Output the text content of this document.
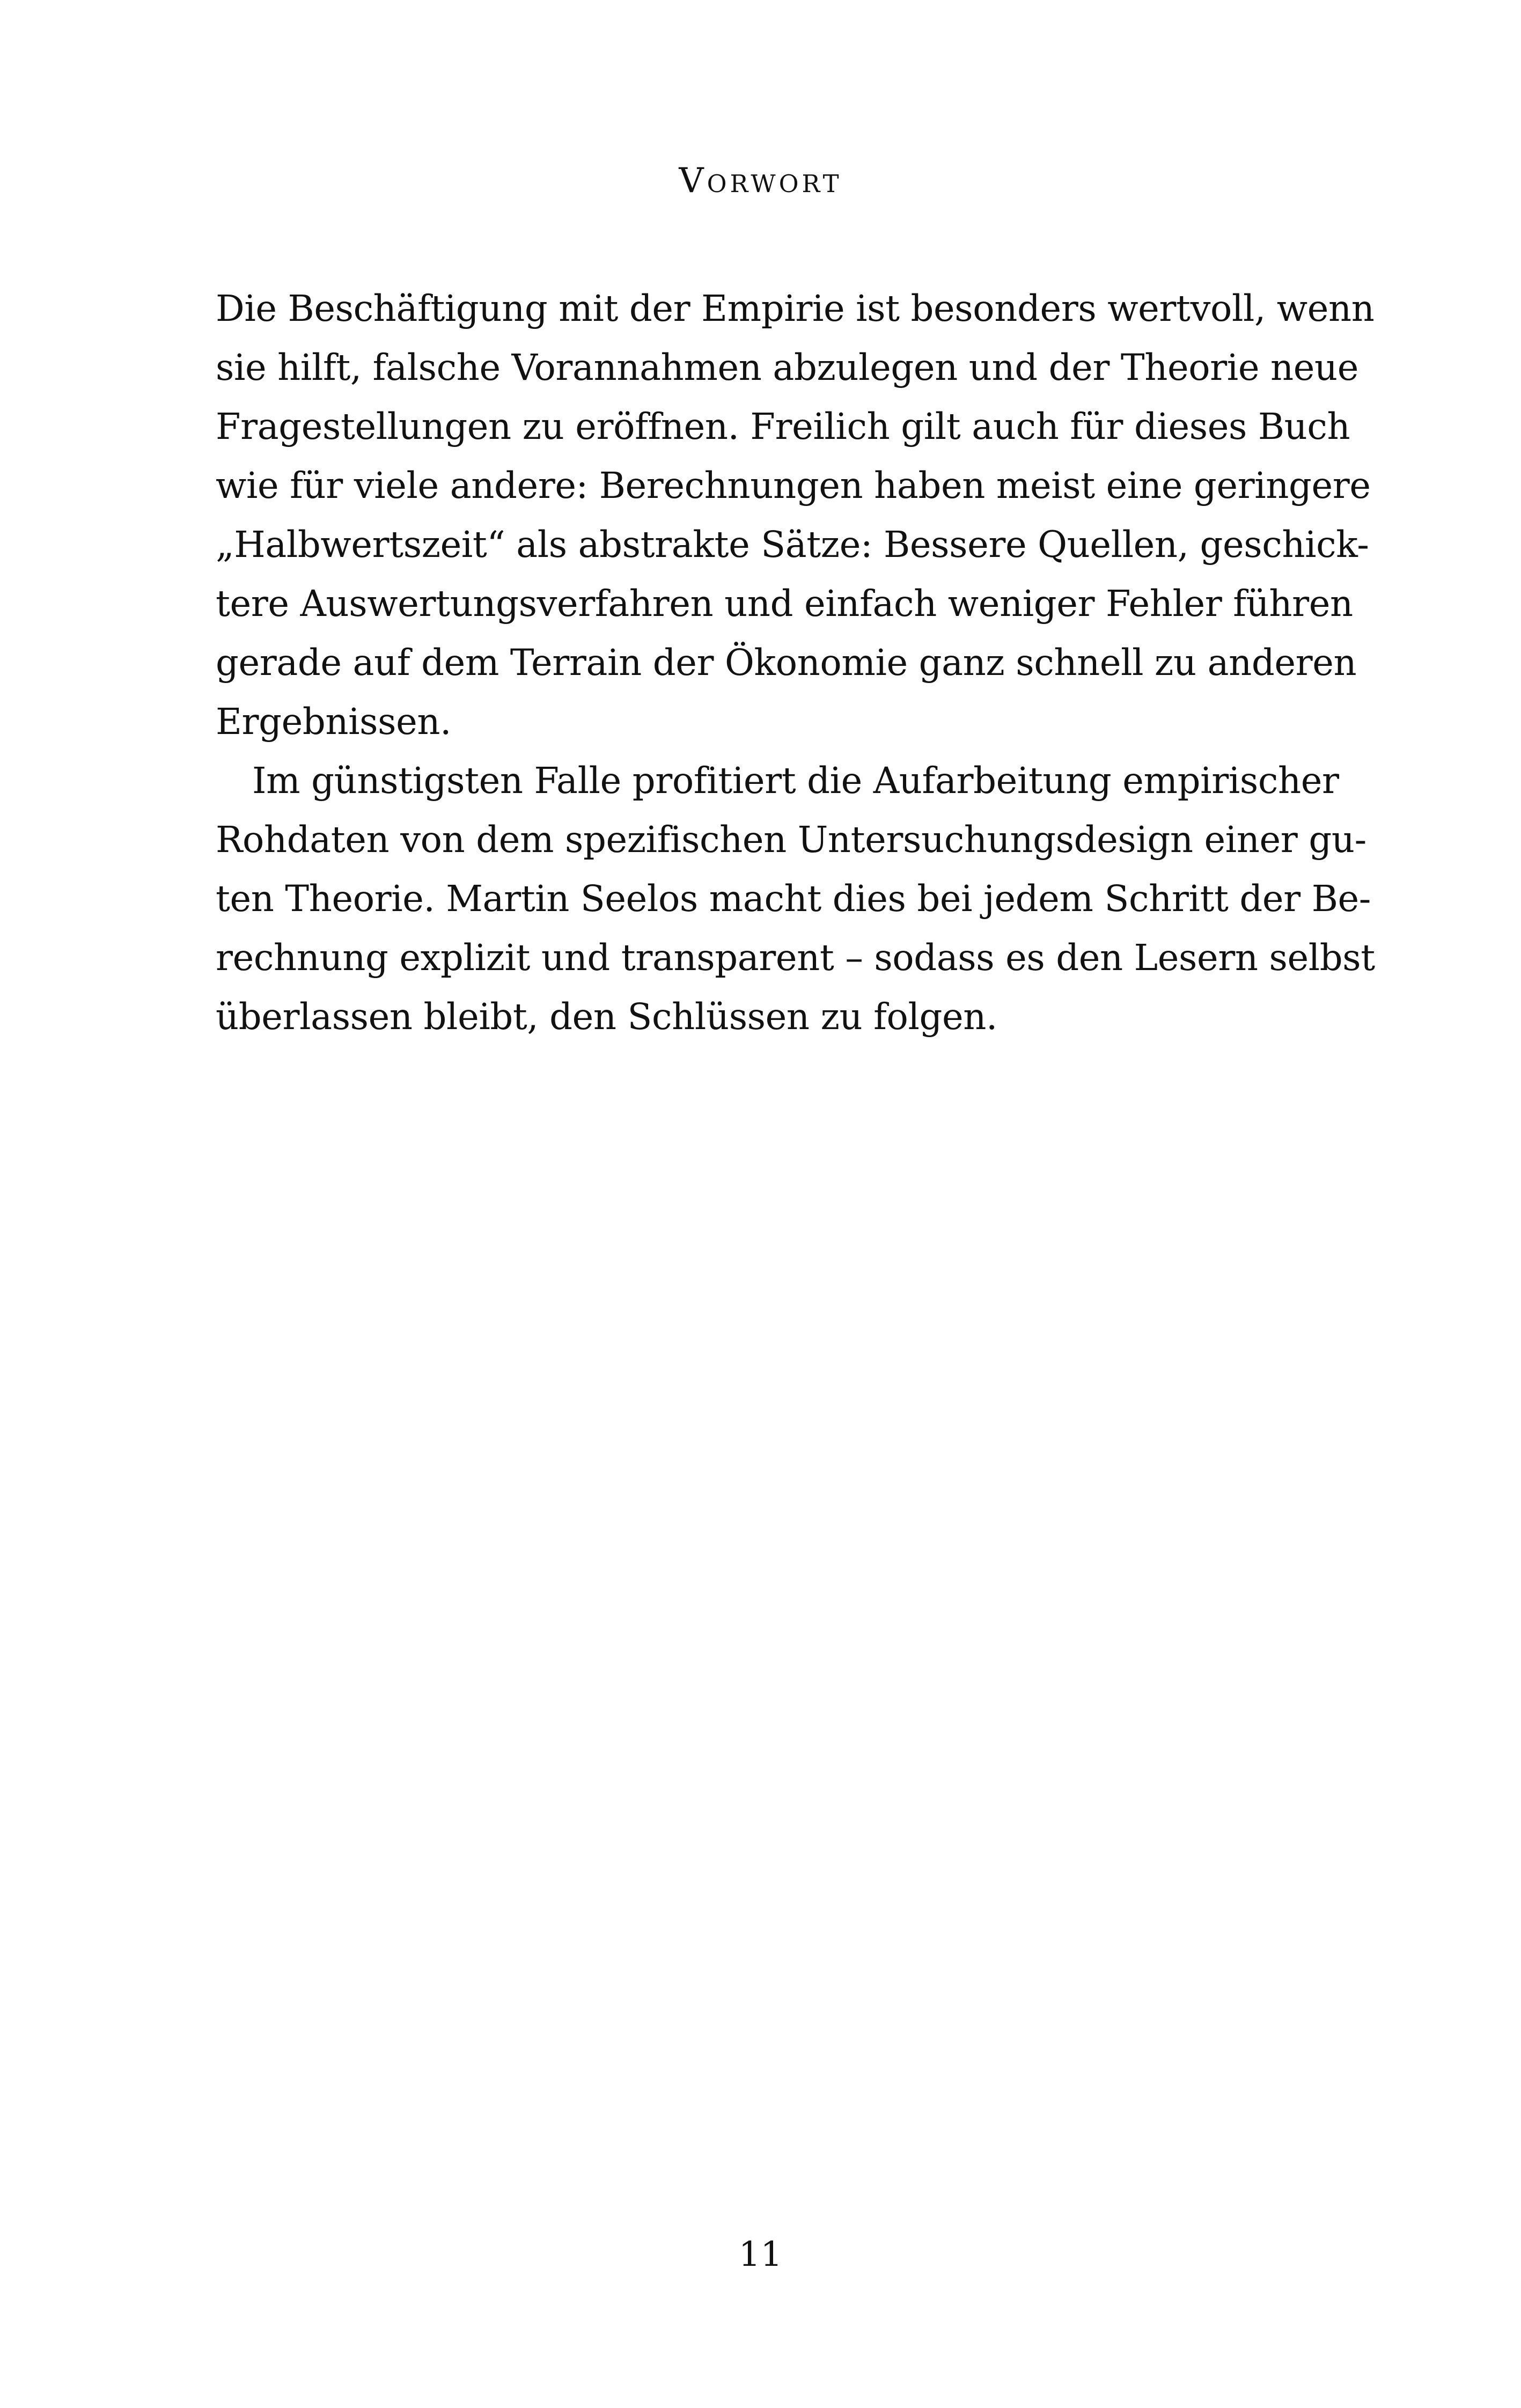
Vorwort
Die Beschäftigung mit der Empirie ist besonders wertvoll, wenn
sie hilft, falsche Vorannahmen abzulegen und der Theorie neue
Fragestellungen zu eröffnen. Freilich gilt auch für dieses Buch
wie für viele andere: Berechnungen haben meist eine geringere
„Halbwertszeit“ als abstrakte Sätze: Bessere Quellen, geschick-
tere Auswertungsverfahren und einfach weniger Fehler führen
gerade auf dem Terrain der Ökonomie ganz schnell zu anderen
Ergebnissen.
Im günstigsten Falle profitiert die Aufarbeitung empirischer
Rohdaten von dem spezifischen Untersuchungsdesign einer gu-
ten Theorie. Martin Seelos macht dies bei jedem Schritt der Be-
rechnung explizit und transparent – sodass es den Lesern selbst
überlassen bleibt, den Schlüssen zu folgen.
11
